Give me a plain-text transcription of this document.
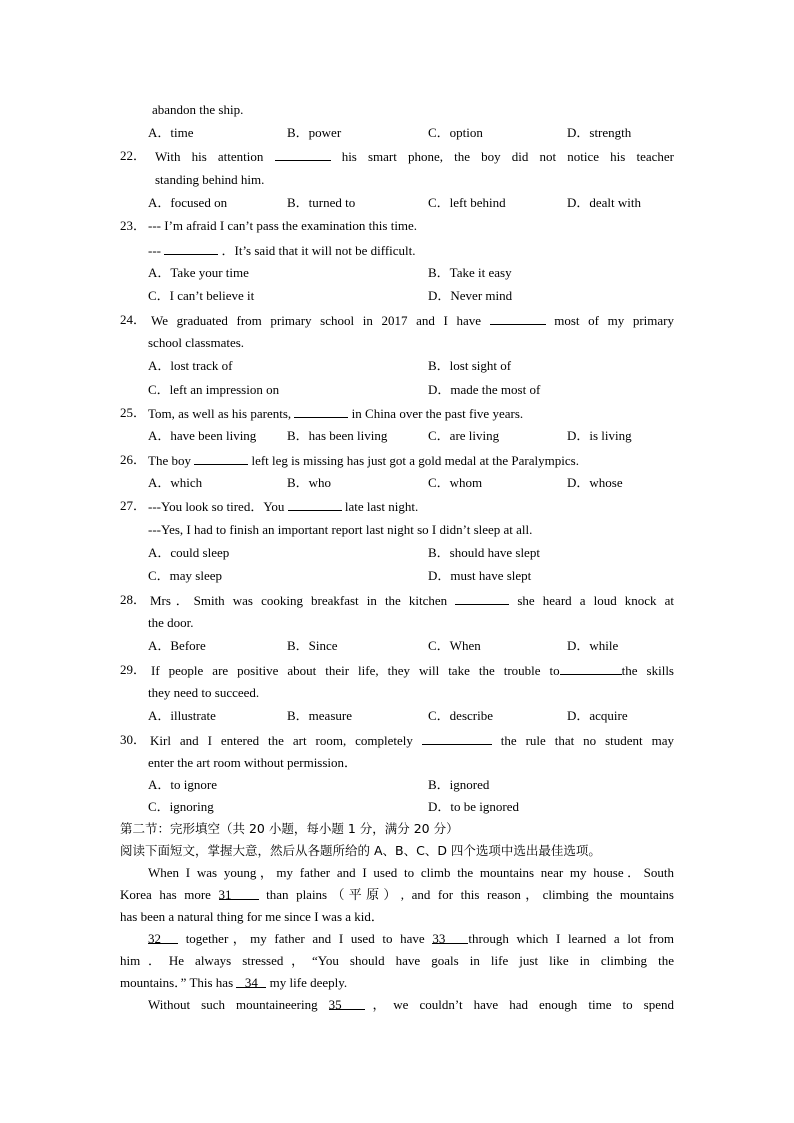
abandon the ship.
A．time	B．power	C．option	D．strength
22． With his attention	his smart phone, the boy did not notice his teacher
standing behind him.
A．focused on	B．turned to	C．left behind	D．dealt with
23． --- I’m afraid I can’t pass the examination this time.
---	．It’s said that it will not be difficult.
A．Take your time	B．Take it easy
C．I can’t believe it	D．Never mind
24． We graduated from primary school in 2017 and I have	most of my primary
school classmates.
A．lost track of	B．lost sight of
C．left an impression on	D．made the most of
25． Tom, as well as his parents,	in China over the past five years.
A．have been living B．has been living	C．are living	D．is living
26． The boy	left leg is missing has just got a gold medal at the Paralympics.
A．which	B．who	C．whom	D．whose
27． ---You look so tired．You	late last night.
---Yes, I had to finish an important report last night so I didn’t sleep at all.
A．could sleep	B．should have slept
C．may sleep	D．must have slept
28． Mrs．Smith was cooking breakfast in the kitchen	she heard a loud knock at
the door.
A．Before	B．Since	C．When	D．while
29． If people are positive about their life, they will take the trouble to	the skills
they need to succeed.
A．illustrate	B．measure	C．describe	D．acquire
30． Kirl and I entered the art room, completely	the rule that no student may
enter the art room without permission．
A．to ignore	B．ignored
C．ignoring	D．to be ignored
第二节：完形填空（共 20 小题，每小题 1 分，满分 20 分）
阅读下面短文，掌握大意，然后从各题所给的 A、B、C、D 四个选项中选出最佳选项。
When I was young，my father and I used to climb the mountains near my house．South
Korea has more 31	than plains（平原）, and for this reason，climbing the mountains
has been a natural thing for me since I was a kid．
32 together，my father and I used to have 33 through which I learned a lot from
him．He always stressed，“You should have goals in life just like in climbing the
mountains．” This has 34 my life deeply.
Without such mountaineering 35 ，we couldn’t have had enough time to spend
